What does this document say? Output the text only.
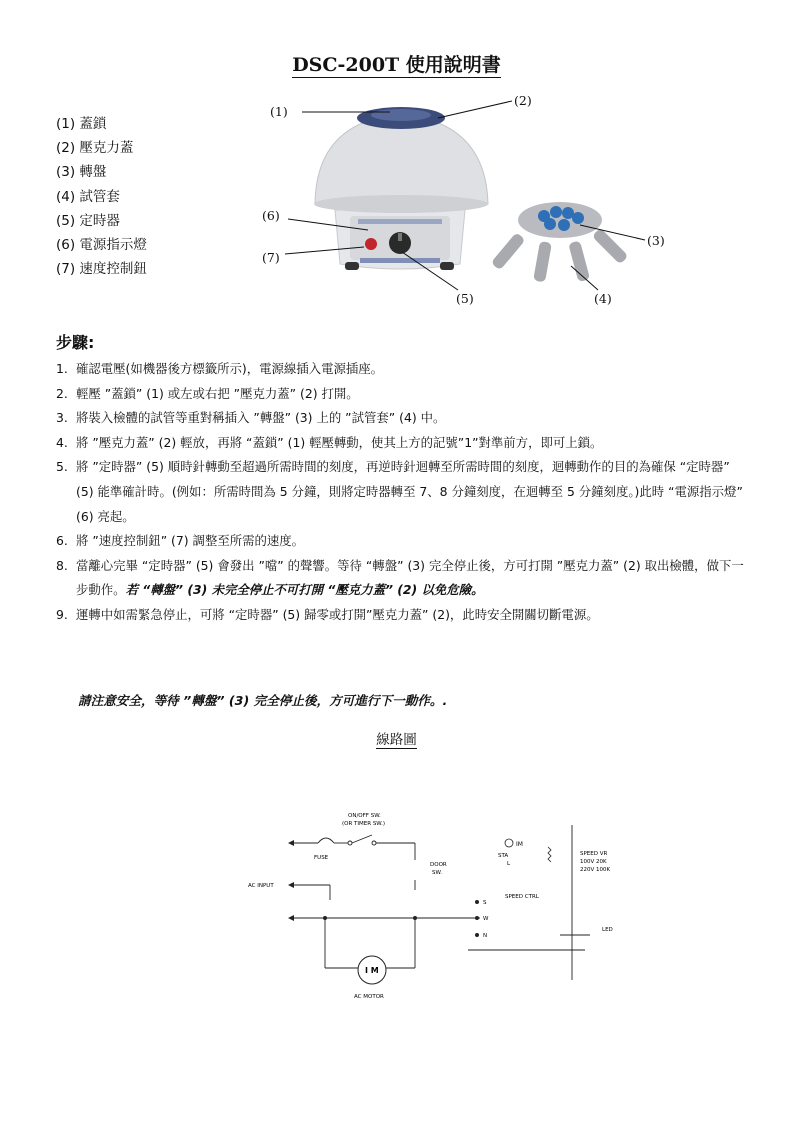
DSC-200T 使用說明書
(1) 蓋鎖
(2) 壓克力蓋
(3) 轉盤
(4) 試管套
(5) 定時器
(6) 電源指示燈
(7) 速度控制鈕
(1)
(2)
(3)
(4)
(5)
(6)
(7)
步驟:
1. 確認電壓(如機器後方標籤所示)，電源線插入電源插座。
2. 輕壓 ”蓋鎖” (1) 或左或右把 ”壓克力蓋” (2) 打開。
3. 將裝入檢體的試管等重對稱插入 ”轉盤” (3) 上的 ”試管套” (4) 中。
4. 將 ”壓克力蓋” (2) 輕放，再將 “蓋鎖” (1) 輕壓轉動，使其上方的記號”1”對準前方，即可上鎖。
5. 將 ”定時器” (5) 順時針轉動至超過所需時間的刻度，再逆時針迴轉至所需時間的刻度，迴轉動作的目的為確保 “定時器” (5) 能準確計時。(例如：所需時間為 5 分鐘，則將定時器轉至 7、8 分鐘刻度，在迴轉至 5 分鐘刻度。)此時 “電源指示燈” (6) 亮起。
6. 將 ”速度控制鈕” (7) 調整至所需的速度。
8. 當離心完畢 “定時器” (5) 會發出 ”噹” 的聲響。等待 “轉盤” (3) 完全停止後，方可打開 ”壓克力蓋” (2) 取出檢體，做下一步動作。若 “轉盤” (3) 未完全停止不可打開 “壓克力蓋” (2) 以免危險。
9. 運轉中如需緊急停止，可將 “定時器” (5) 歸零或打開”壓克力蓋” (2)，此時安全開關切斷電源。
請注意安全，等待 ”轉盤” (3) 完全停止後，方可進行下一動作。.
線路圖
ON/OFF SW.
(OR TIMER SW.)
FUSE
DOOR
SW.
AC INPUT
SPEED CTRL
S
W
N
I M
AC MOTOR
SPEED VR
100V 20K
220V 100K
LED
IM
STA
L
